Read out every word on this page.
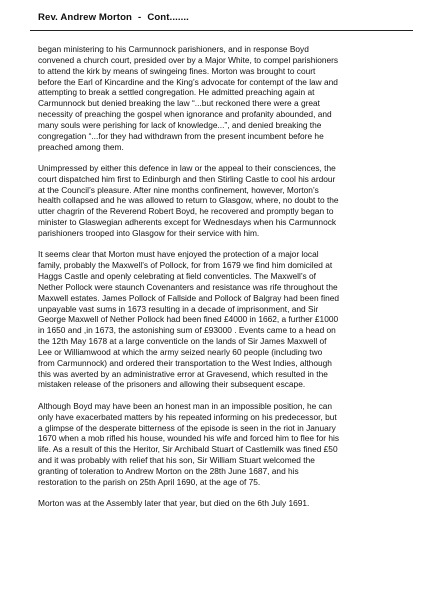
Rev. Andrew Morton - Cont.......

began ministering to his Carmunnock parishioners, and in response Boyd
convened a church court, presided over by a Major White, to compel parishioners
to attend the kirk by means of swingeing fines. Morton was brought to court
before the Earl of Kincardine and the King’s advocate for contempt of the law and
attempting to break a settled congregation. He admitted preaching again at
Carmunnock but denied breaking the law “...but reckoned there were a great
necessity of preaching the gospel when ignorance and profanity abounded, and
many souls were perishing for lack of knowledge...”, and denied breaking the
congregation “...for they had withdrawn from the present incumbent before he
preached among them.

Unimpressed by either this defence in law or the appeal to their consciences, the
court dispatched him first to Edinburgh and then Stirling Castle to cool his ardour
at the Council’s pleasure. After nine months confinement, however, Morton’s
health collapsed and he was allowed to return to Glasgow, where, no doubt to the
utter chagrin of the Reverend Robert Boyd, he recovered and promptly began to
minister to Glaswegian adherents except for Wednesdays when his Carmunnock
parishioners trooped into Glasgow for their service with him.

It seems clear that Morton must have enjoyed the protection of a major local
family, probably the Maxwell’s of Pollock, for from 1679 we find him domiciled at
Haggs Castle and openly celebrating at field conventicles. The Maxwell’s of
Nether Pollock were staunch Covenanters and resistance was rife throughout the
Maxwell estates. James Pollock of Fallside and Pollock of Balgray had been fined
unpayable vast sums in 1673 resulting in a decade of imprisonment, and Sir
George Maxwell of Nether Pollock had been fined £4000 in 1662, a further £1000
in 1650 and ,in 1673, the astonishing sum of £93000 . Events came to a head on
the 12th May 1678 at a large conventicle on the lands of Sir James Maxwell of
Lee or Williamwood at which the army seized nearly 60 people (including two
from Carmunnock) and ordered their transportation to the West Indies, although
this was averted by an administrative error at Gravesend, which resulted in the
mistaken release of the prisoners and allowing their subsequent escape.

Although Boyd may have been an honest man in an impossible position, he can
only have exacerbated matters by his repeated informing on his predecessor, but
a glimpse of the desperate bitterness of the episode is seen in the riot in January
1670 when a mob rifled his house, wounded his wife and forced him to flee for his
life. As a result of this the Heritor, Sir Archibald Stuart of Castlemilk was fined £50
and it was probably with relief that his son, Sir William Stuart welcomed the
granting of toleration to Andrew Morton on the 28th June 1687, and his
restoration to the parish on 25th April 1690, at the age of 75.

Morton was at the Assembly later that year, but died on the 6th July 1691.
